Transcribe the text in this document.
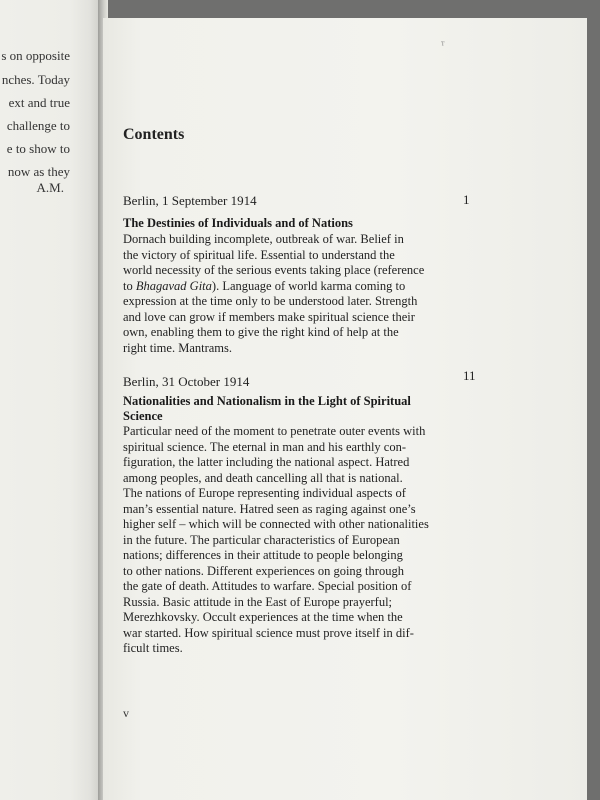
s on opposite
nches. Today
ext and true
challenge to
e to show to
now as they
A.M.
ᵀ
Contents
Berlin, 1 September 1914	1
The Destinies of Individuals and of Nations
Dornach building incomplete, outbreak of war. Belief in
the victory of spiritual life. Essential to understand the
world necessity of the serious events taking place (reference
to Bhagavad Gita). Language of world karma coming to
expression at the time only to be understood later. Strength
and love can grow if members make spiritual science their
own, enabling them to give the right kind of help at the
right time. Mantrams.
Berlin, 31 October 1914	11
Nationalities and Nationalism in the Light of Spiritual
Science
Particular need of the moment to penetrate outer events with
spiritual science. The eternal in man and his earthly con-
figuration, the latter including the national aspect. Hatred
among peoples, and death cancelling all that is national.
The nations of Europe representing individual aspects of
man’s essential nature. Hatred seen as raging against one’s
higher self – which will be connected with other nationalities
in the future. The particular characteristics of European
nations; differences in their attitude to people belonging
to other nations. Different experiences on going through
the gate of death. Attitudes to warfare. Special position of
Russia. Basic attitude in the East of Europe prayerful;
Merezhkovsky. Occult experiences at the time when the
war started. How spiritual science must prove itself in dif-
ficult times.
v
